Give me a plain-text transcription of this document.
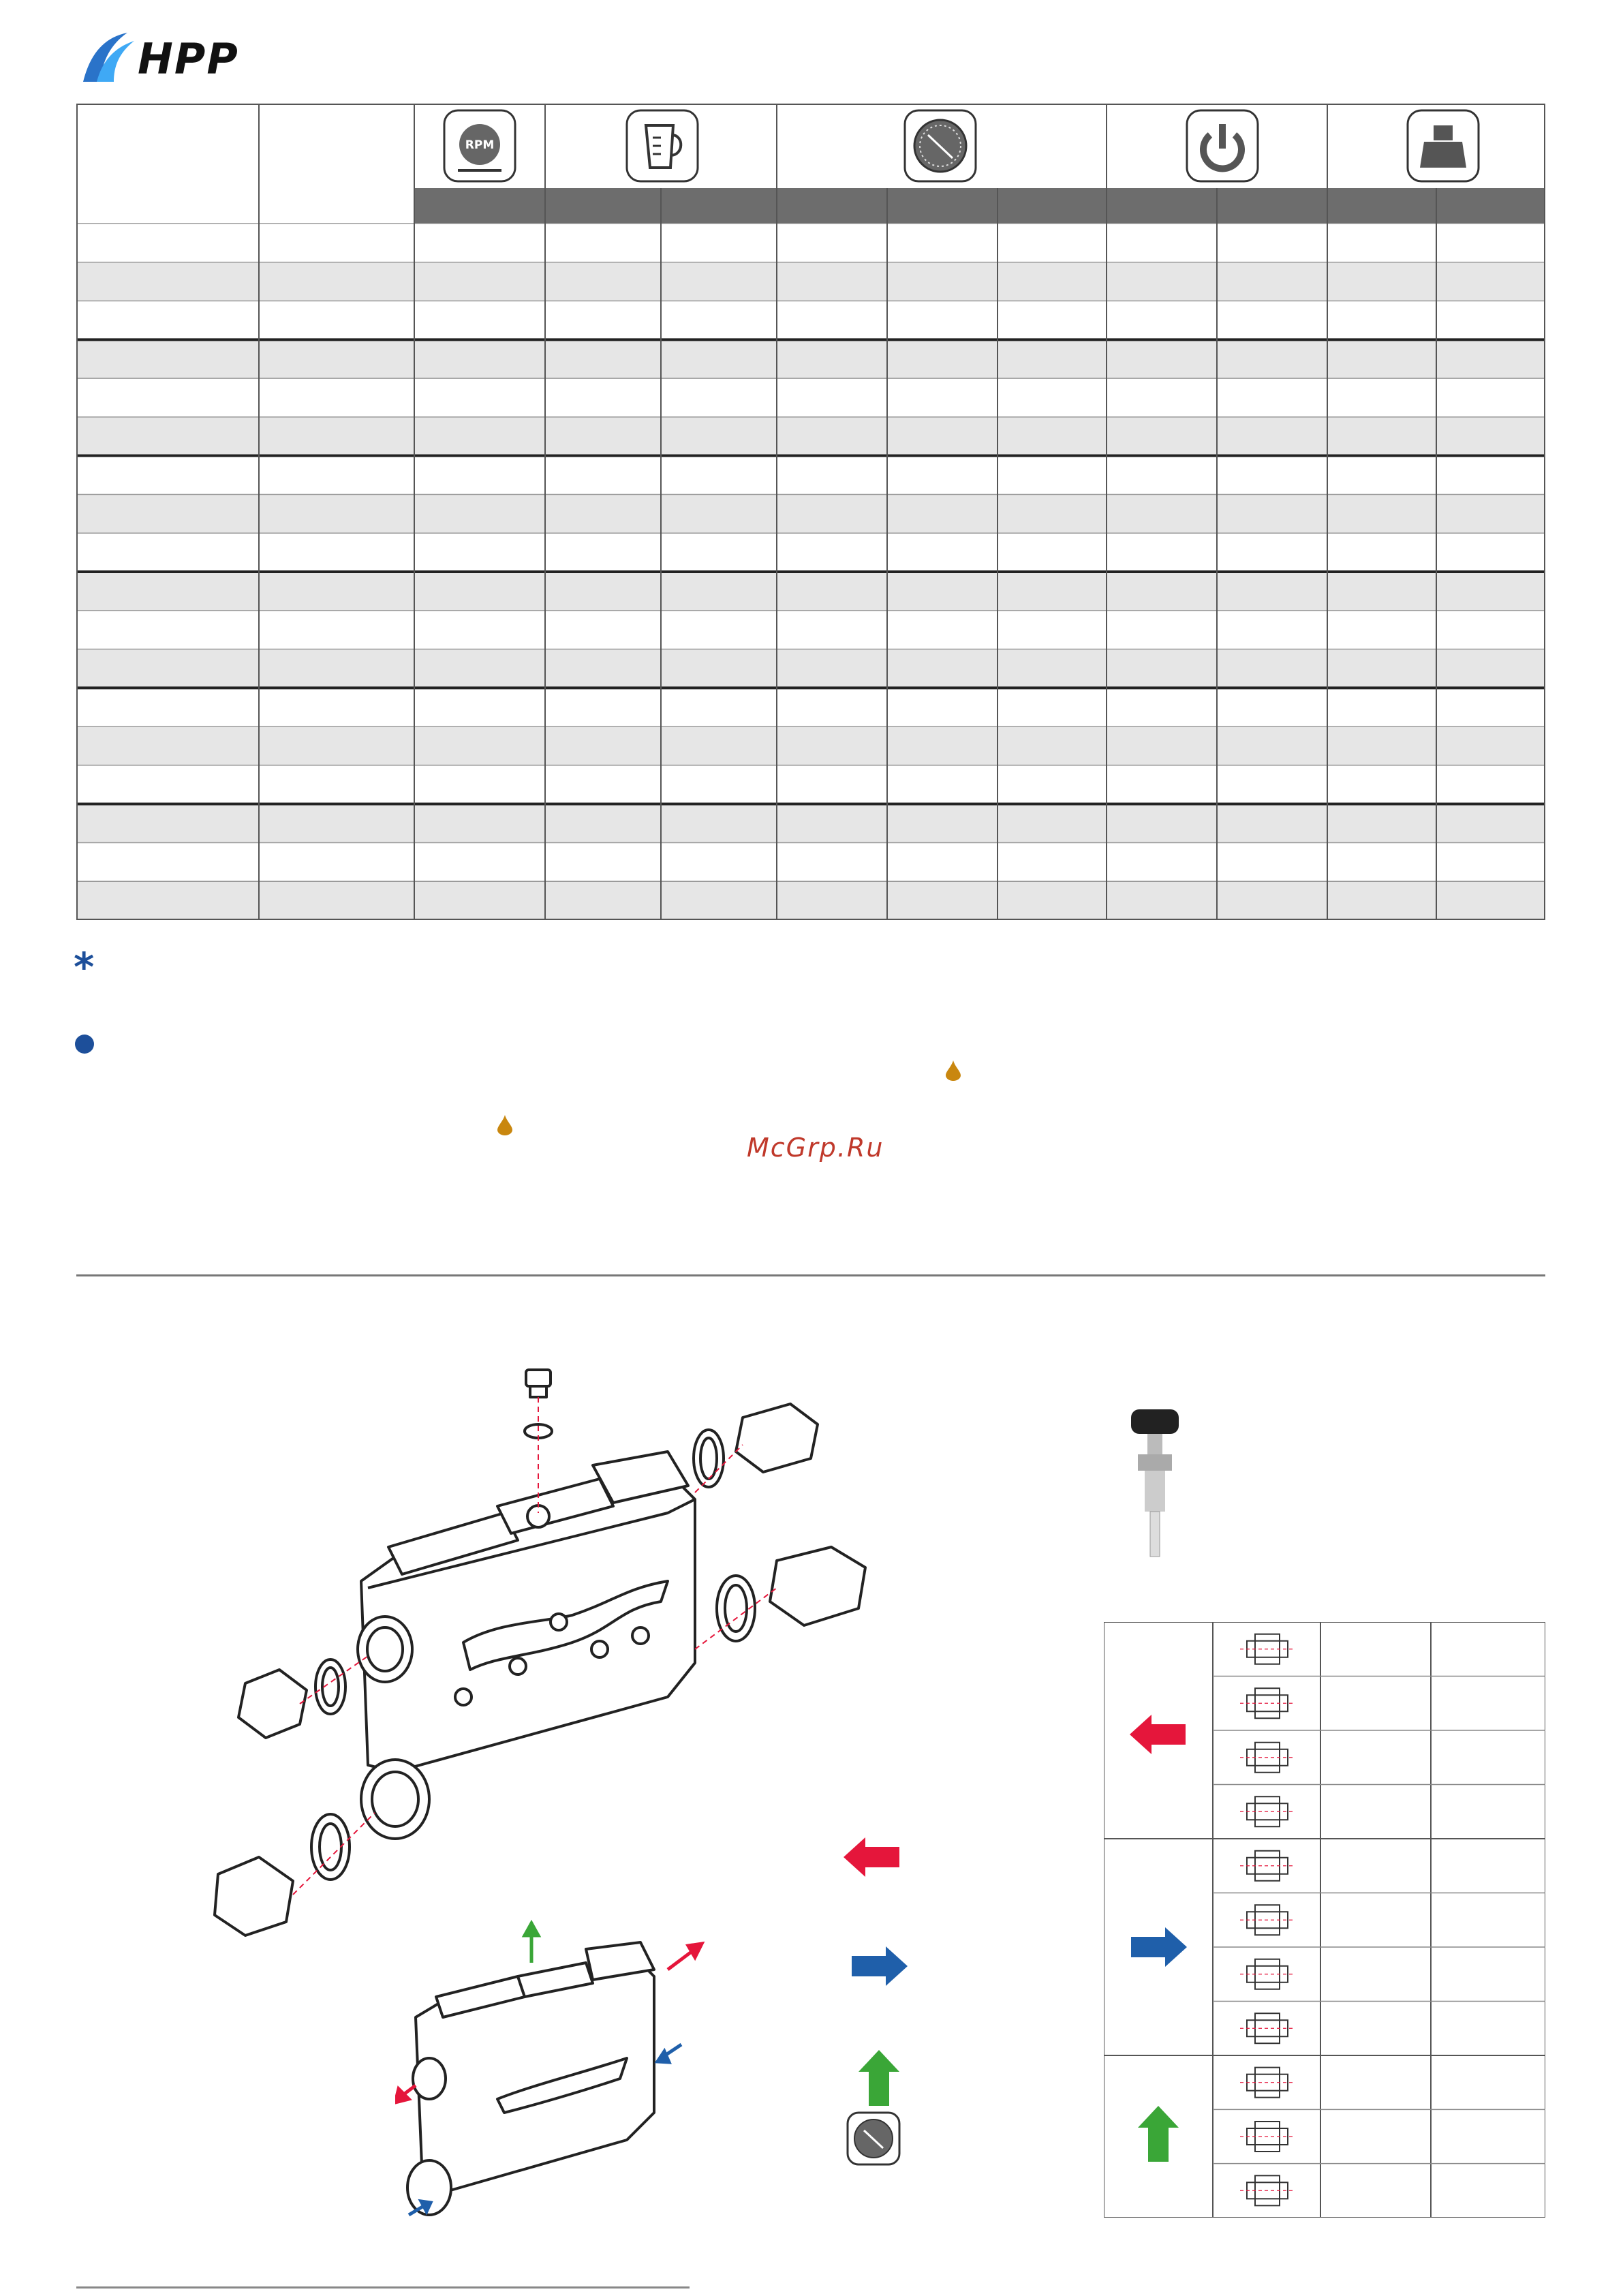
HPP
RPM
*
McGrp.Ru
